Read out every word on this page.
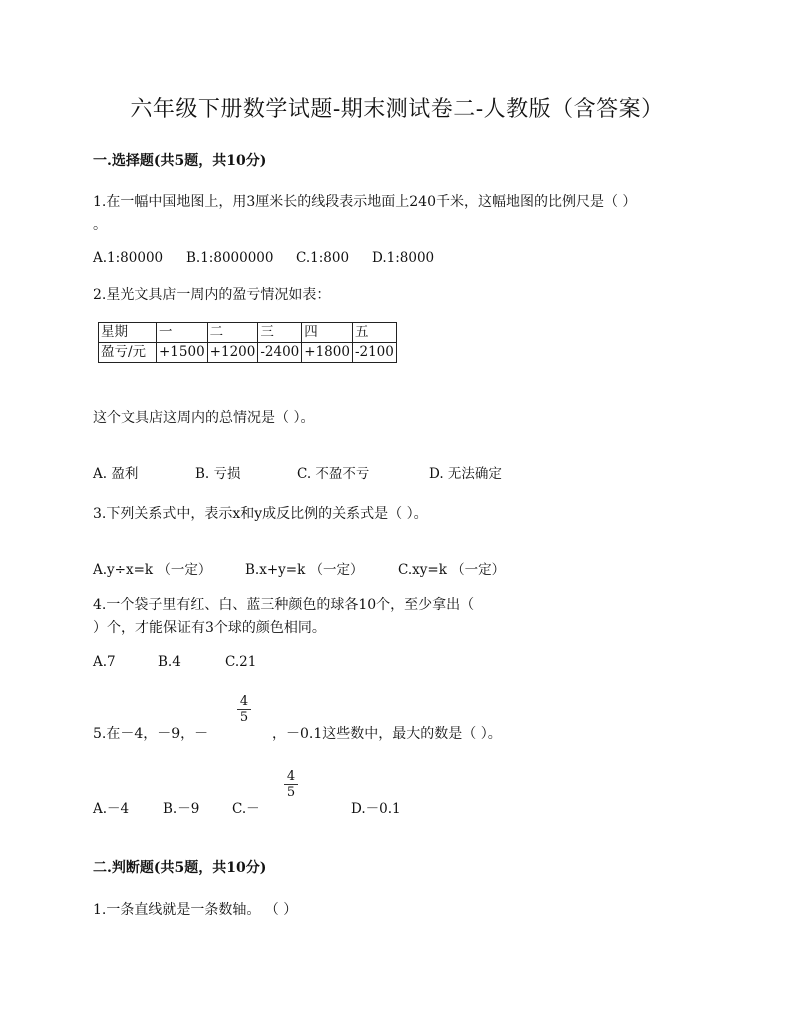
六年级下册数学试题-期末测试卷二-人教版（含答案）
一.选择题(共5题，共10分)
1.在一幅中国地图上，用3厘米长的线段表示地面上240千米，这幅地图的比例尺是（ ）
。
A.1:80000 B.1:8000000 C.1:800 D.1:8000
2.星光文具店一周内的盈亏情况如表：
星期	一	二	三	四	五
盈亏/元	+1500	+1200	-2400	+1800	-2100
这个文具店这周内的总情况是（ ）。
A. 盈利	B. 亏损	C. 不盈不亏	D. 无法确定
3.下列关系式中，表示x和y成反比例的关系式是（ ）。
A.y÷x=k （一定） B.x+y=k （一定）	C.xy=k （一定）
4.一个袋子里有红、白、蓝三种颜色的球各10个，至少拿出（
）个，才能保证有3个球的颜色相同。
A.7	B.4	C.21
5.在－4，－9，－
$\frac{4}{5}$
，－0.1这些数中，最大的数是（ ）。
A.－4	B.－9 C.－
$\frac{4}{5}$
D.－0.1
二.判断题(共5题，共10分)
1.一条直线就是一条数轴。 （ ）
